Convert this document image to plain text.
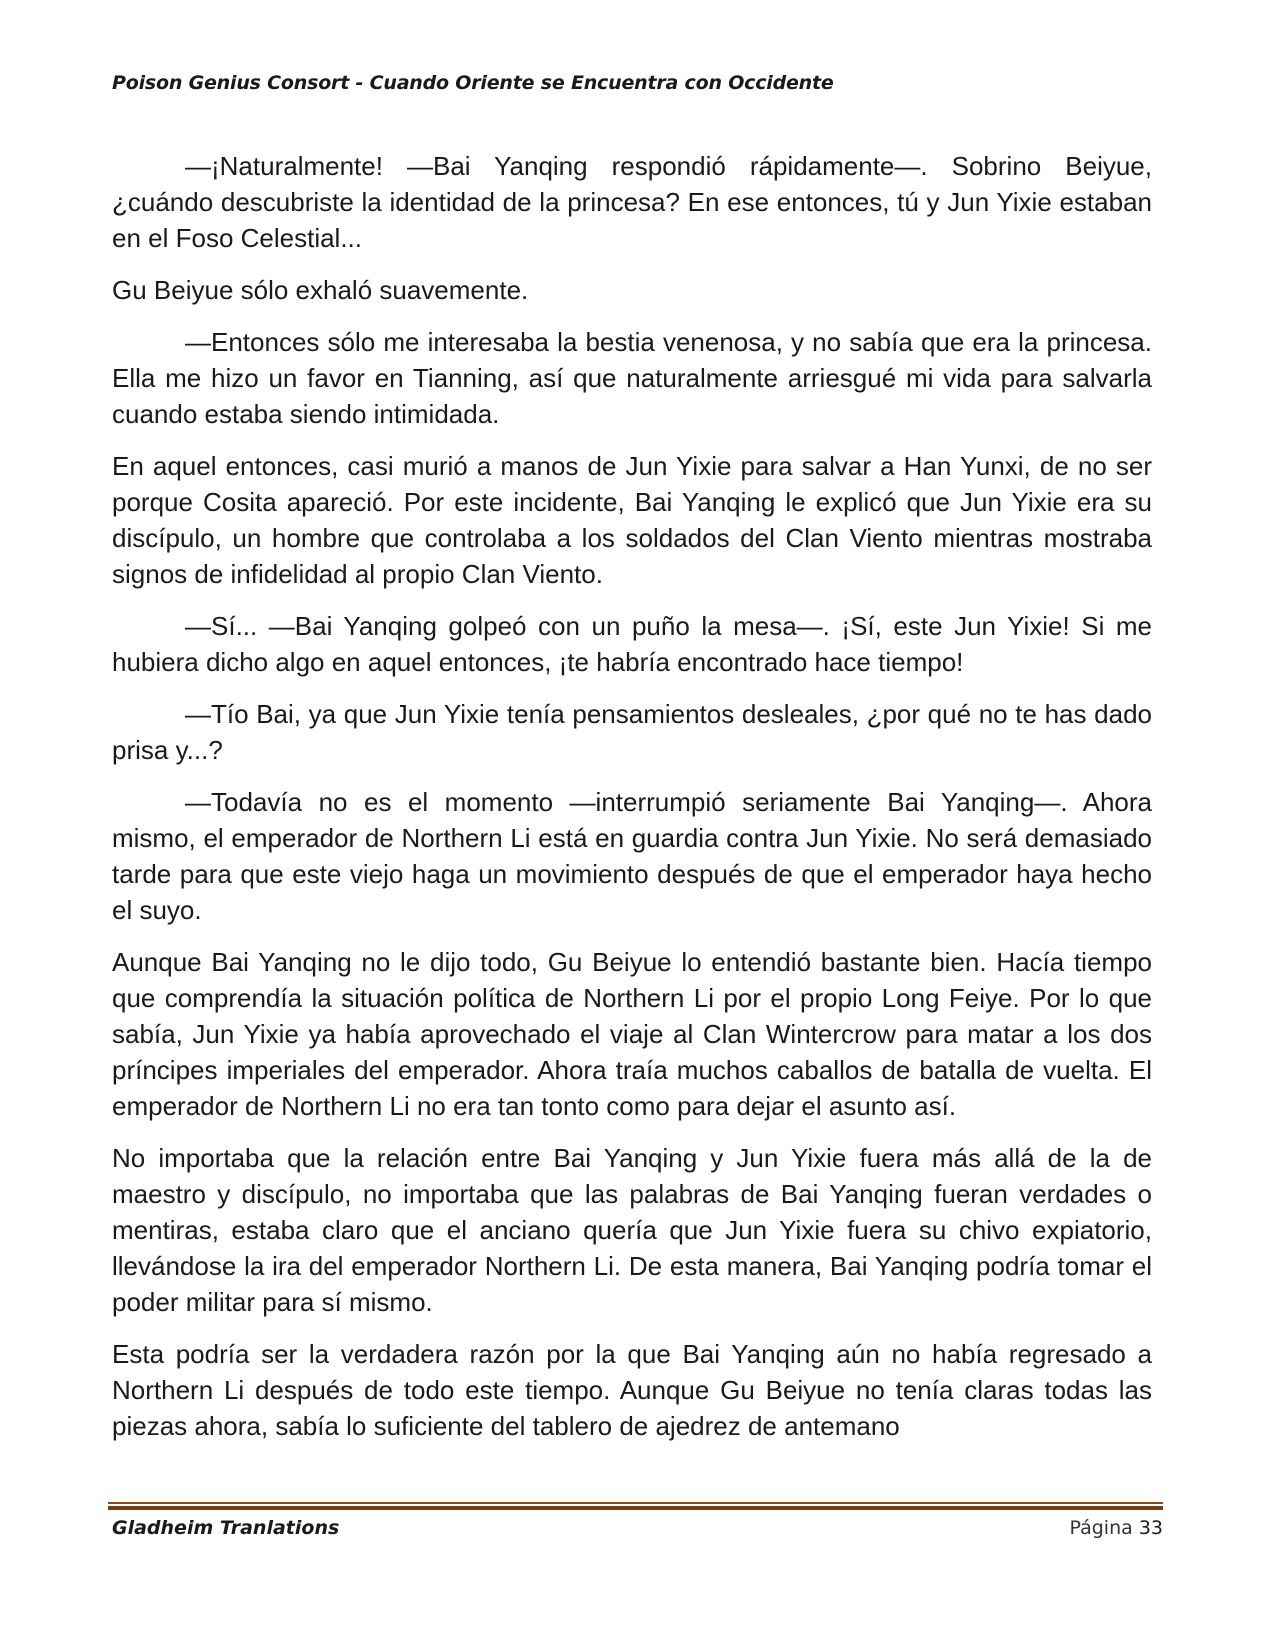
Poison Genius Consort - Cuando Oriente se Encuentra con Occidente

—¡Naturalmente! —Bai Yanqing respondió rápidamente—. Sobrino Beiyue, ¿cuándo descubriste la identidad de la princesa? En ese entonces, tú y Jun Yixie estaban en el Foso Celestial...

Gu Beiyue sólo exhaló suavemente.

—Entonces sólo me interesaba la bestia venenosa, y no sabía que era la princesa. Ella me hizo un favor en Tianning, así que naturalmente arriesgué mi vida para salvarla cuando estaba siendo intimidada.

En aquel entonces, casi murió a manos de Jun Yixie para salvar a Han Yunxi, de no ser porque Cosita apareció. Por este incidente, Bai Yanqing le explicó que Jun Yixie era su discípulo, un hombre que controlaba a los soldados del Clan Viento mientras mostraba signos de infidelidad al propio Clan Viento.

—Sí... —Bai Yanqing golpeó con un puño la mesa—. ¡Sí, este Jun Yixie! Si me hubiera dicho algo en aquel entonces, ¡te habría encontrado hace tiempo!

—Tío Bai, ya que Jun Yixie tenía pensamientos desleales, ¿por qué no te has dado prisa y...?

—Todavía no es el momento —interrumpió seriamente Bai Yanqing—. Ahora mismo, el emperador de Northern Li está en guardia contra Jun Yixie. No será demasiado tarde para que este viejo haga un movimiento después de que el emperador haya hecho el suyo.

Aunque Bai Yanqing no le dijo todo, Gu Beiyue lo entendió bastante bien. Hacía tiempo que comprendía la situación política de Northern Li por el propio Long Feiye. Por lo que sabía, Jun Yixie ya había aprovechado el viaje al Clan Wintercrow para matar a los dos príncipes imperiales del emperador. Ahora traía muchos caballos de batalla de vuelta. El emperador de Northern Li no era tan tonto como para dejar el asunto así.

No importaba que la relación entre Bai Yanqing y Jun Yixie fuera más allá de la de maestro y discípulo, no importaba que las palabras de Bai Yanqing fueran verdades o mentiras, estaba claro que el anciano quería que Jun Yixie fuera su chivo expiatorio, llevándose la ira del emperador Northern Li. De esta manera, Bai Yanqing podría tomar el poder militar para sí mismo.

Esta podría ser la verdadera razón por la que Bai Yanqing aún no había regresado a Northern Li después de todo este tiempo. Aunque Gu Beiyue no tenía claras todas las piezas ahora, sabía lo suficiente del tablero de ajedrez de antemano

Gladheim Tranlations	Página 33
